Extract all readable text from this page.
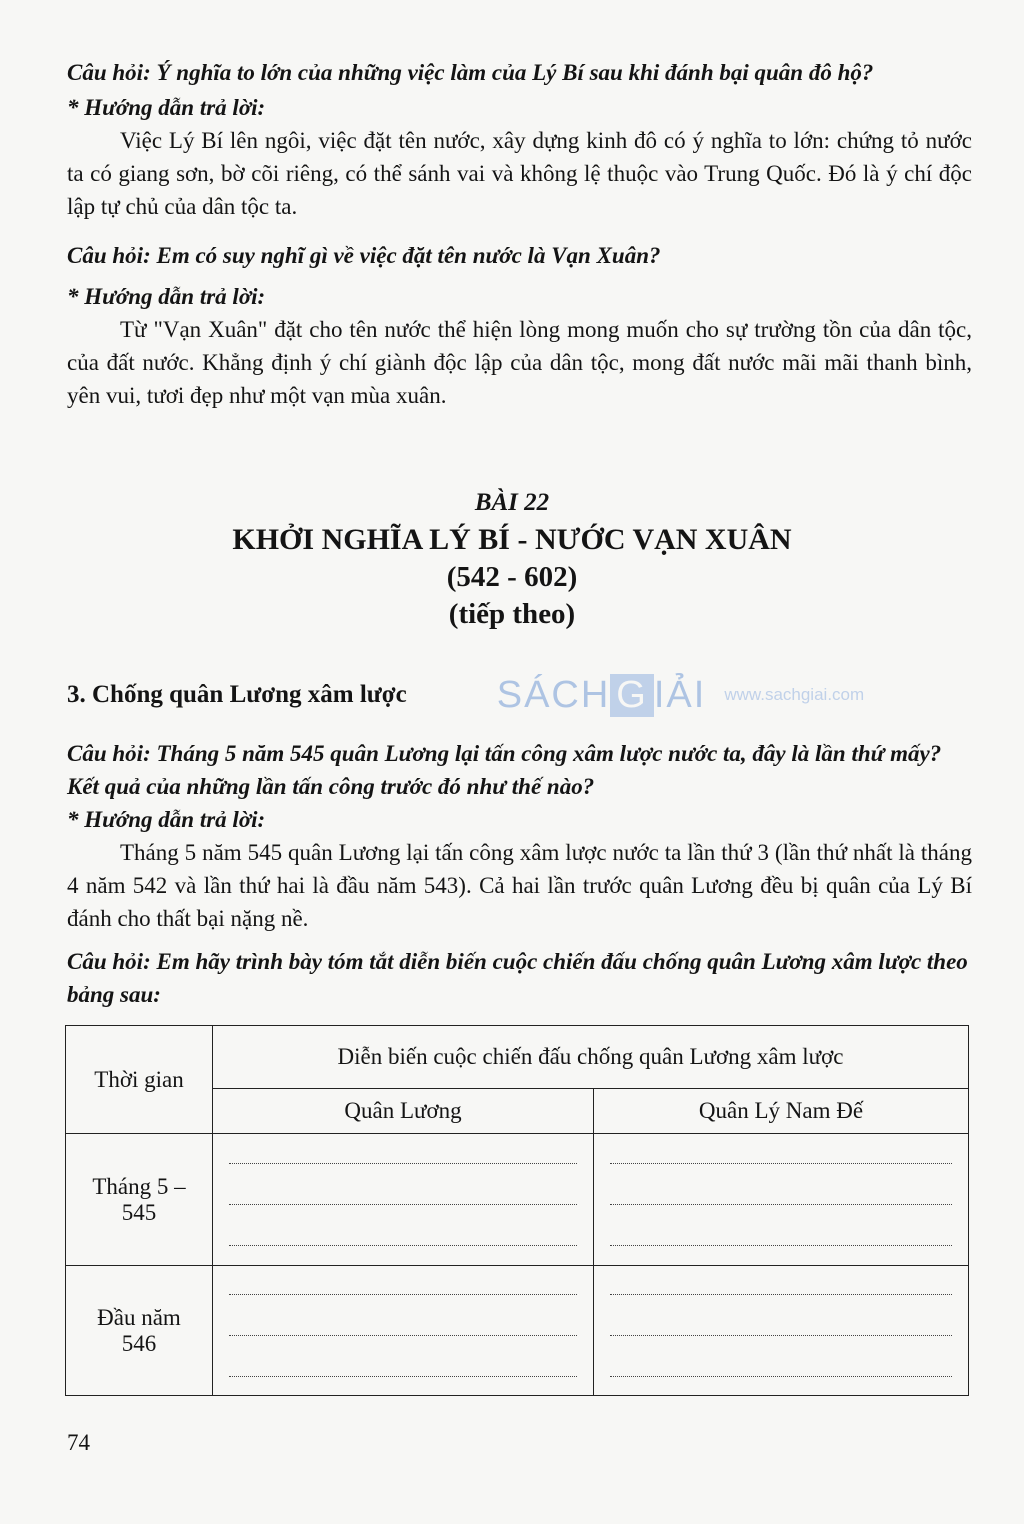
Câu hỏi: Ý nghĩa to lớn của những việc làm của Lý Bí sau khi đánh bại quân đô hộ?
* Hướng dẫn trả lời:
Việc Lý Bí lên ngôi, việc đặt tên nước, xây dựng kinh đô có ý nghĩa to lớn: chứng tỏ nước ta có giang sơn, bờ cõi riêng, có thể sánh vai và không lệ thuộc vào Trung Quốc. Đó là ý chí độc lập tự chủ của dân tộc ta.
Câu hỏi: Em có suy nghĩ gì về việc đặt tên nước là Vạn Xuân?
* Hướng dẫn trả lời:
Từ "Vạn Xuân" đặt cho tên nước thể hiện lòng mong muốn cho sự trường tồn của dân tộc, của đất nước. Khẳng định ý chí giành độc lập của dân tộc, mong đất nước mãi mãi thanh bình, yên vui, tươi đẹp như một vạn mùa xuân.
BÀI 22
KHỞI NGHĨA LÝ BÍ - NƯỚC VẠN XUÂN
(542 - 602)
(tiếp theo)
3. Chống quân Lương xâm lược SÁCH G IẢI www.sachgiai.com
Câu hỏi: Tháng 5 năm 545 quân Lương lại tấn công xâm lược nước ta, đây là lần thứ mấy? Kết quả của những lần tấn công trước đó như thế nào?
* Hướng dẫn trả lời:
Tháng 5 năm 545 quân Lương lại tấn công xâm lược nước ta lần thứ 3 (lần thứ nhất là tháng 4 năm 542 và lần thứ hai là đầu năm 543). Cả hai lần trước quân Lương đều bị quân của Lý Bí đánh cho thất bại nặng nề.
Câu hỏi: Em hãy trình bày tóm tắt diễn biến cuộc chiến đấu chống quân Lương xâm lược theo bảng sau:
Thời gian	Diễn biến cuộc chiến đấu chống quân Lương xâm lược	
	Quân Lương	Quân Lý Nam Đế
Tháng 5 – 545	

Đầu năm 546	

74
